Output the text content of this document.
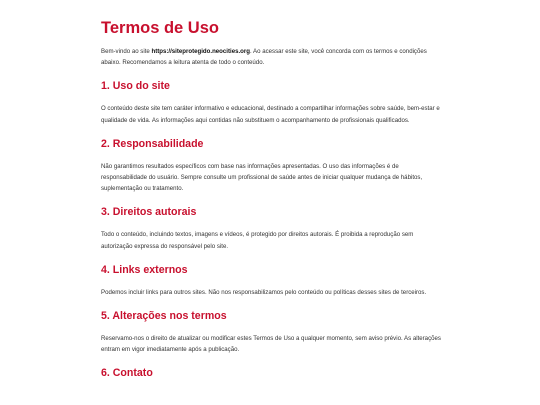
Termos de Uso

Bem-vindo ao site https://siteprotegido.neocities.org. Ao acessar este site, você concorda com os termos e condições abaixo. Recomendamos a leitura atenta de todo o conteúdo.

1. Uso do site

O conteúdo deste site tem caráter informativo e educacional, destinado a compartilhar informações sobre saúde, bem-estar e qualidade de vida. As informações aqui contidas não substituem o acompanhamento de profissionais qualificados.

2. Responsabilidade

Não garantimos resultados específicos com base nas informações apresentadas. O uso das informações é de responsabilidade do usuário. Sempre consulte um profissional de saúde antes de iniciar qualquer mudança de hábitos, suplementação ou tratamento.

3. Direitos autorais

Todo o conteúdo, incluindo textos, imagens e vídeos, é protegido por direitos autorais. É proibida a reprodução sem autorização expressa do responsável pelo site.

4. Links externos

Podemos incluir links para outros sites. Não nos responsabilizamos pelo conteúdo ou políticas desses sites de terceiros.

5. Alterações nos termos

Reservamo-nos o direito de atualizar ou modificar estes Termos de Uso a qualquer momento, sem aviso prévio. As alterações entram em vigor imediatamente após a publicação.

6. Contato
